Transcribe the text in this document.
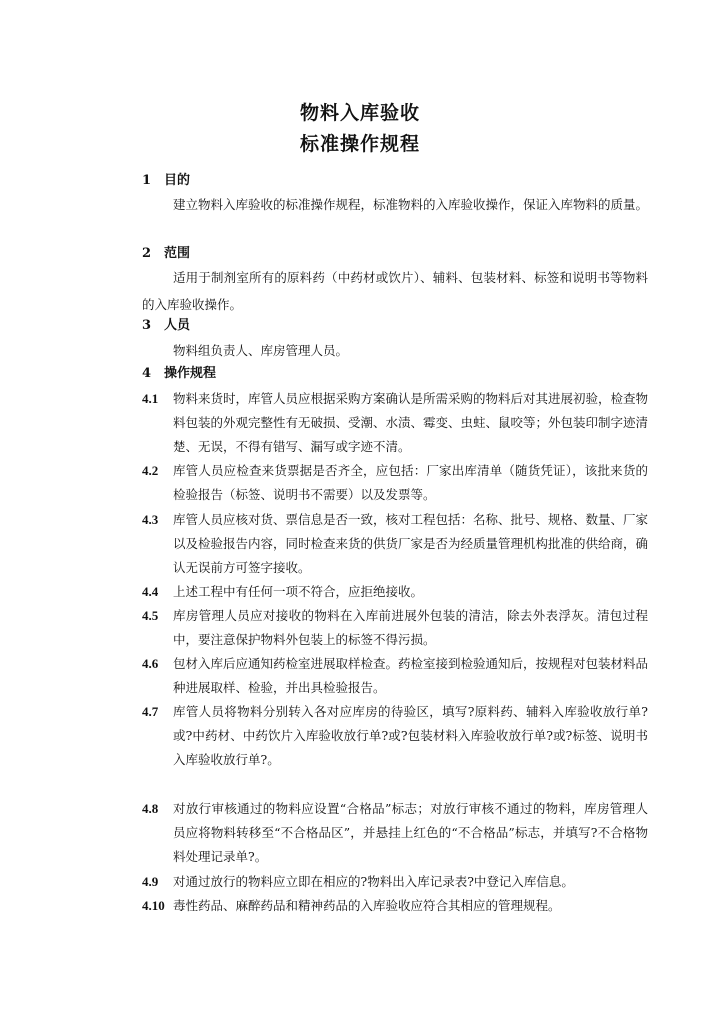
物料入库验收
标准操作规程
1 目的

建立物料入库验收的标准操作规程，标准物料的入库验收操作，保证入库物料的质量。

2 范围

适用于制剂室所有的原料药（中药材或饮片）、辅料、包装材料、标签和说明书等物料的入库验收操作。

3 人员

物料组负责人、库房管理人员。

4 操作规程
4.1 物料来货时，库管人员应根据采购方案确认是所需采购的物料后对其进展初验，检查物料包装的外观完整性有无破损、受潮、水渍、霉变、虫蛀、鼠咬等；外包装印制字迹清楚、无误，不得有错写、漏写或字迹不清。
4.2 库管人员应检查来货票据是否齐全，应包括：厂家出库清单（随货凭证），该批来货的检验报告（标签、说明书不需要）以及发票等。
4.3 库管人员应核对货、票信息是否一致，核对工程包括：名称、批号、规格、数量、厂家以及检验报告内容，同时检查来货的供货厂家是否为经质量管理机构批准的供给商，确认无误前方可签字接收。
4.4 上述工程中有任何一项不符合，应拒绝接收。
4.5 库房管理人员应对接收的物料在入库前进展外包装的清洁，除去外表浮灰。清包过程中，要注意保护物料外包装上的标签不得污损。
4.6 包材入库后应通知药检室进展取样检查。药检室接到检验通知后，按规程对包装材料品种进展取样、检验，并出具检验报告。
4.7 库管人员将物料分别转入各对应库房的待验区，填写?原料药、辅料入库验收放行单?或?中药材、中药饮片入库验收放行单?或?包装材料入库验收放行单?或?标签、说明书入库验收放行单?。
4.8 对放行审核通过的物料应设置“合格品”标志；对放行审核不通过的物料，库房管理人员应将物料转移至“不合格品区”，并悬挂上红色的“不合格品”标志，并填写?不合格物料处理记录单?。
4.9 对通过放行的物料应立即在相应的?物料出入库记录表?中登记入库信息。
4.10 毒性药品、麻醉药品和精神药品的入库验收应符合其相应的管理规程。
